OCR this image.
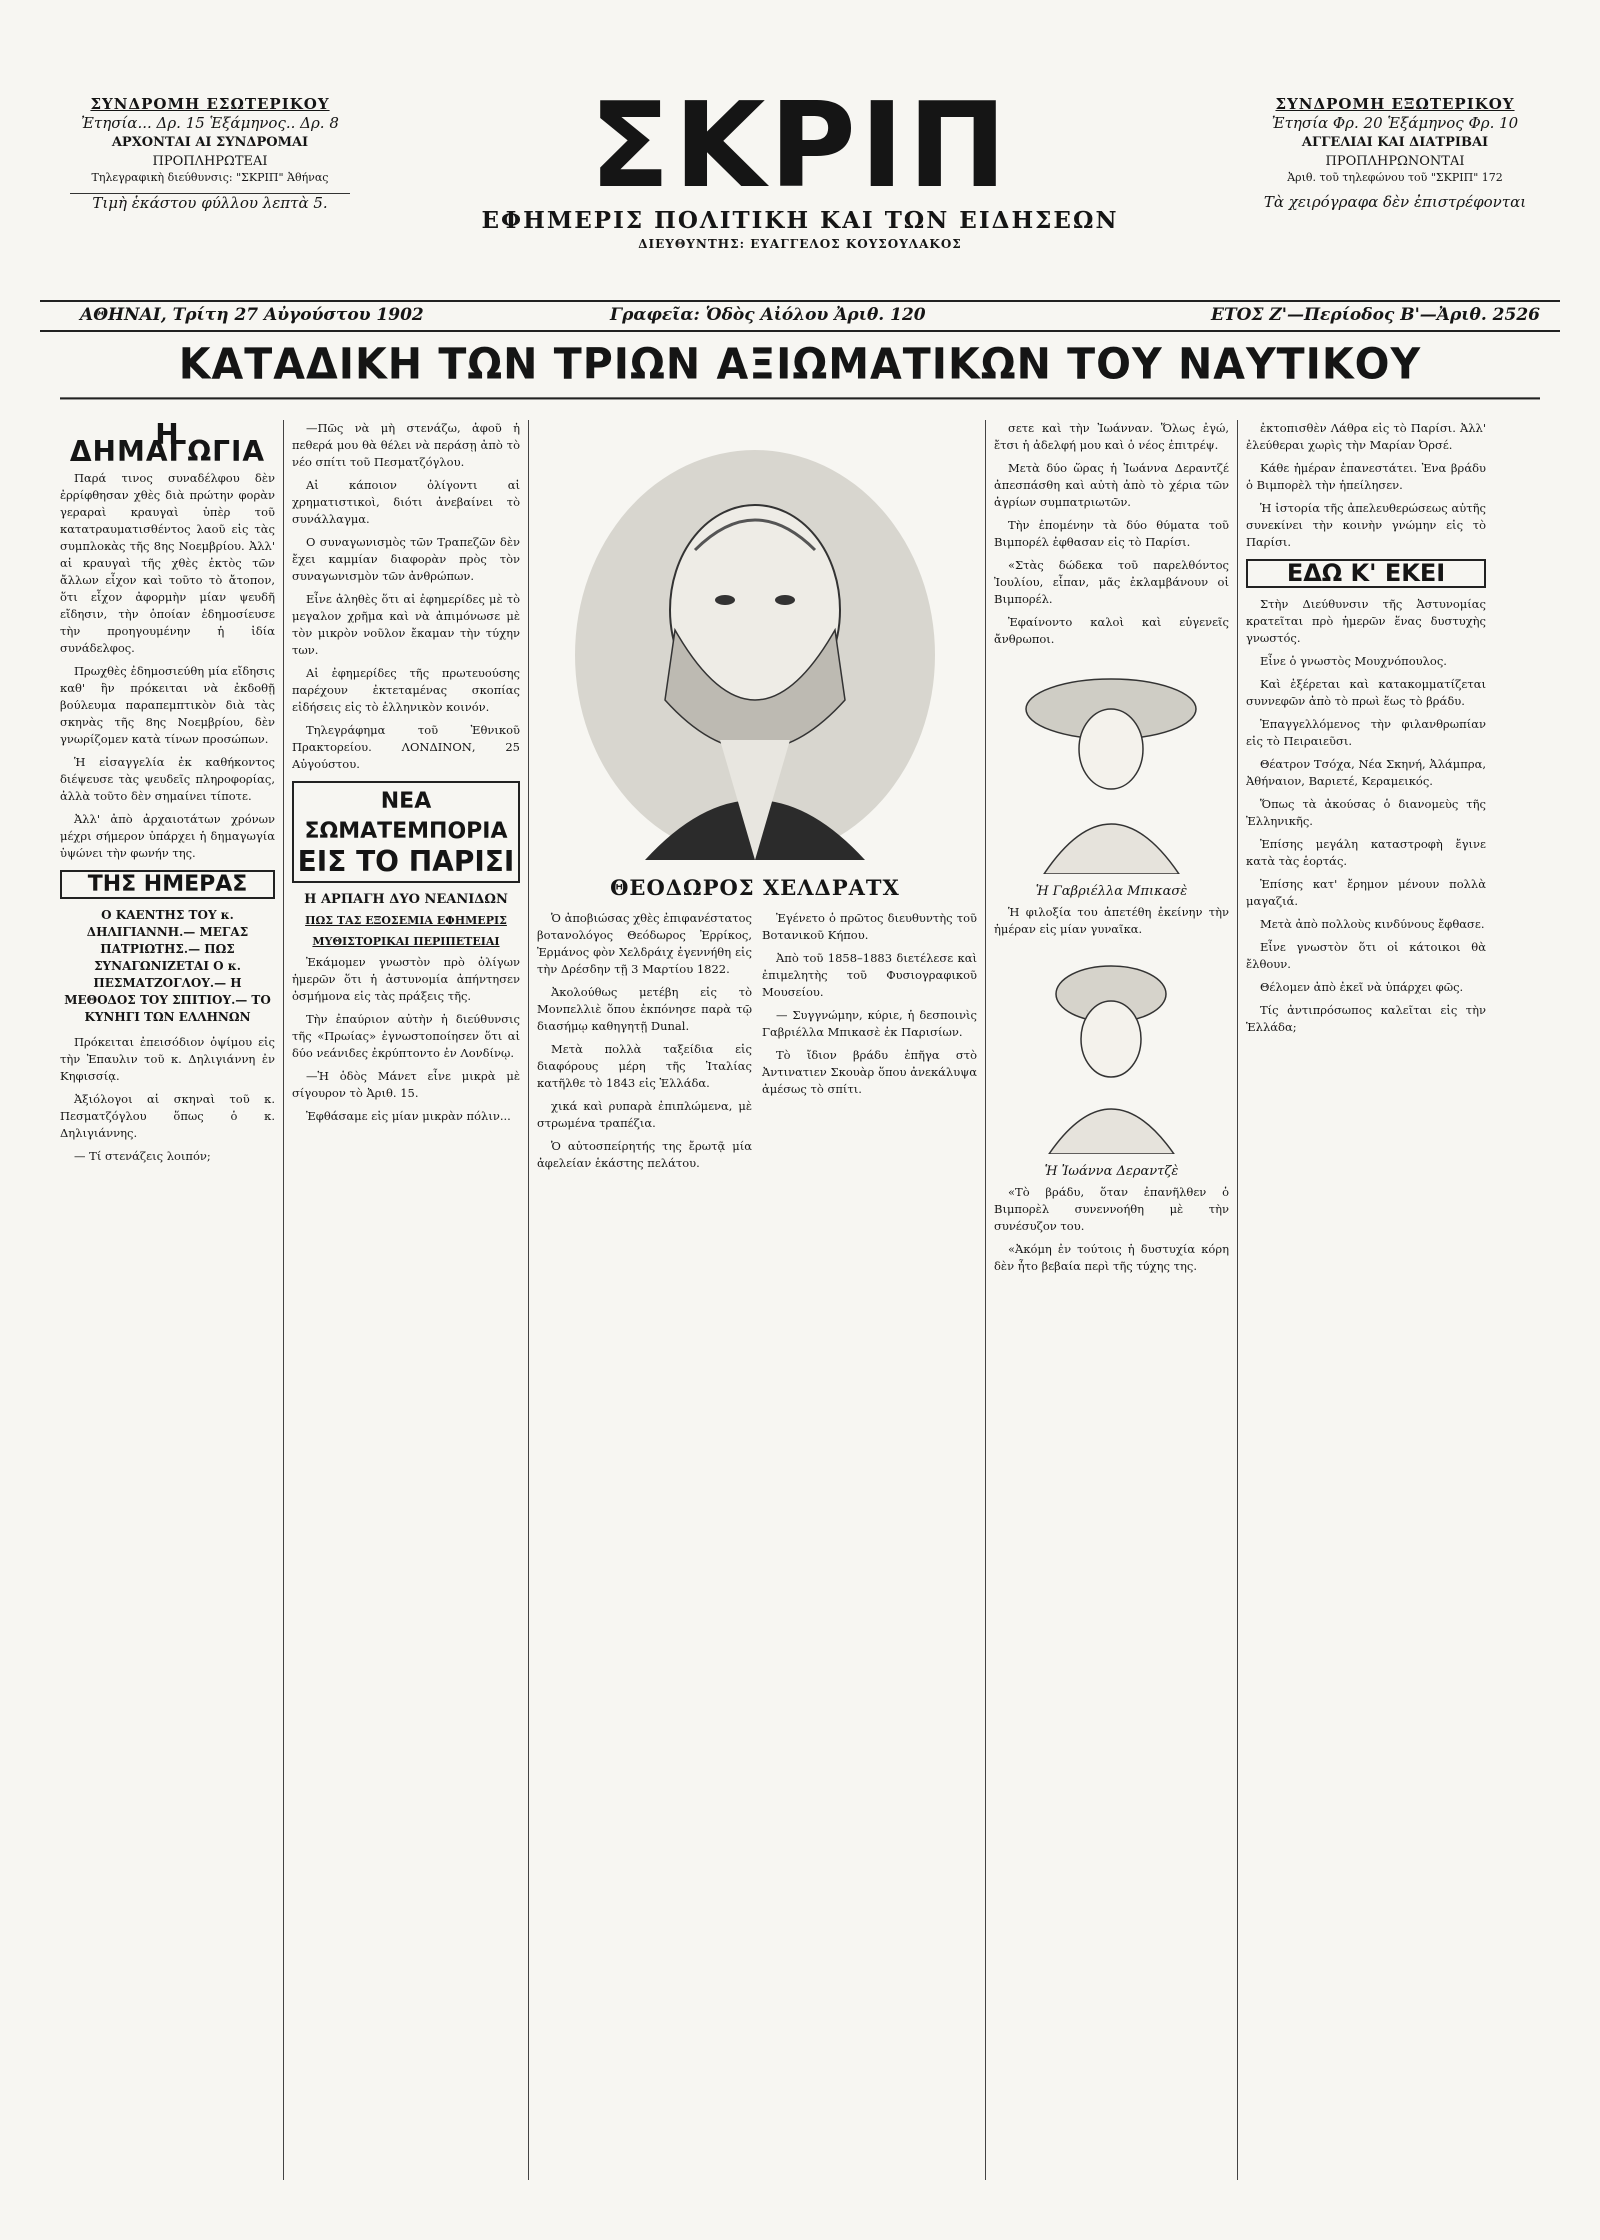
ΣΥΝΔΡΟΜΗ ΕΣΩΤΕΡΙΚΟΥ
Ἐτησία... Δρ. 15 Ἑξάμηνος.. Δρ. 8
ΑΡΧΟΝΤΑΙ ΑΙ ΣΥΝΔΡΟΜΑΙ
ΠΡΟΠΛΗΡΩΤΕΑΙ
Τηλεγραφικὴ διεύθυνσις: "ΣΚΡΙΠ" Ἀθήνας
Τιμὴ ἑκάστου φύλλου λεπτὰ 5. ΣΚΡΙΠ
ΕΦΗΜΕΡΙΣ ΠΟΛΙΤΙΚΗ ΚΑΙ ΤΩΝ ΕΙΔΗΣΕΩΝ
ΔΙΕΥΘΥΝΤΗΣ: ΕΥΑΓΓΕΛΟΣ ΚΟΥΣΟΥΛΑΚΟΣ
ΣΥΝΔΡΟΜΗ ΕΞΩΤΕΡΙΚΟΥ
Ἐτησία Φρ. 20 Ἑξάμηνος Φρ. 10
ΑΓΓΕΛΙΑΙ ΚΑΙ ΔΙΑΤΡΙΒΑΙ
ΠΡΟΠΛΗΡΩΝΟΝΤΑΙ
Ἀριθ. τοῦ τηλεφώνου τοῦ "ΣΚΡΙΠ" 172
Τὰ χειρόγραφα δὲν ἐπιστρέφονται
ΑΘΗΝΑΙ, Τρίτη 27 Αὐγούστου 1902	Γραφεῖα: Ὁδὸς Αἰόλου Ἀριθ. 120	ΕΤΟΣ Ζ'—Περίοδος Β'—Ἀριθ. 2526
ΚΑΤΑΔΙΚΗ ΤΩΝ ΤΡΙΩΝ ΑΞΙΩΜΑΤΙΚΩΝ ΤΟΥ ΝΑΥΤΙΚΟΥ
Η ΔΗΜΑΓΩΓΙΑ

Παρά τινος συναδέλφου δὲν ἐρρίφθησαν χθὲς διὰ πρώτην φορὰν γεραραὶ κραυγαὶ ὑπὲρ τοῦ κατατραυματισθέντος λαοῦ εἰς τὰς συμπλοκὰς τῆς 8ης Νοεμβρίου. Ἀλλ' αἱ κραυγαὶ τῆς χθὲς ἐκτὸς τῶν ἄλλων εἶχον καὶ τοῦτο τὸ ἄτοπον, ὅτι εἶχον ἀφορμὴν μίαν ψευδῆ εἴδησιν, τὴν ὁποίαν ἐδημοσίευσε τὴν προηγουμένην ἡ ἰδία συνάδελφος.

Πρωχθὲς ἐδημοσιεύθη μία εἴδησις καθ' ἣν πρόκειται νὰ ἐκδοθῇ βούλευμα παραπεμπτικὸν διὰ τὰς σκηνὰς τῆς 8ης Νοεμβρίου, δὲν γνωρίζομεν κατὰ τίνων προσώπων.

Ἡ εἰσαγγελία ἐκ καθήκοντος διέψευσε τὰς ψευδεῖς πληροφορίας, ἀλλὰ τοῦτο δὲν σημαίνει τίποτε.

Ἀλλ' ἀπὸ ἀρχαιοτάτων χρόνων μέχρι σήμερον ὑπάρχει ἡ δημαγωγία ὑψώνει τὴν φωνήν της.

ΤΗΣ ΗΜΕΡΑΣ
Ο ΚΑΕΝΤΗΣ ΤΟΥ κ. ΔΗΛΙΓΙΑΝΝΗ.— ΜΕΓΑΣ ΠΑΤΡΙΩΤΗΣ.— ΠΩΣ ΣΥΝΑΓΩΝΙΖΕΤΑΙ Ο κ. ΠΕΣΜΑΤΖΟΓΛΟΥ.— Η ΜΕΘΟΔΟΣ ΤΟΥ ΣΠΙΤΙΟΥ.— ΤΟ ΚΥΝΗΓΙ ΤΩΝ ΕΛΛΗΝΩΝ

Πρόκειται ἐπεισόδιον ὀψίμου εἰς τὴν Ἐπαυλιν τοῦ κ. Δηλιγιάννη ἐν Κηφισσίᾳ.

Ἀξιόλογοι αἱ σκηναὶ τοῦ κ. Πεσματζόγλου ὅπως ὁ κ. Δηλιγιάννης.

— Τί στενάζεις λοιπόν;

—Πῶς νὰ μὴ στενάζω, ἀφοῦ ἡ πεθερά μου θὰ θέλει νὰ περάσῃ ἀπὸ τὸ νέο σπίτι τοῦ Πεσματζόγλου.

Αἱ κάποιον ὀλίγοντι αἱ χρηματιστικοὶ, διότι ἀνεβαίνει τὸ συνάλλαγμα.

Ο συναγωνισμὸς τῶν Τραπεζῶν δὲν ἔχει καμμίαν διαφορὰν πρὸς τὸν συναγωνισμὸν τῶν ἀνθρώπων.

Εἶνε ἀληθὲς ὅτι αἱ ἐφημερίδες μὲ τὸ μεγαλον χρῆμα καὶ νὰ ἀπιμόνωσε μὲ τὸν μικρὸν νοῦλον ἔκαμαν τὴν τύχην των.

Αἱ ἐφημερίδες τῆς πρωτευούσης παρέχουν ἐκτεταμένας σκοπίας εἰδήσεις εἰς τὸ ἑλληνικὸν κοινόν.

Τηλεγράφημα τοῦ Ἐθνικοῦ Πρακτορείου. ΛΟΝΔΙΝΟΝ, 25 Αὐγούστου.

ΝΕΑ ΣΩΜΑΤΕΜΠΟΡΙΑ
ΕΙΣ ΤΟ ΠΑΡΙΣΙ
Η ΑΡΠΑΓΗ ΔΥΟ ΝΕΑΝΙΔΩΝ
ΠΩΣ ΤΑΣ ΕΞΟΣΕΜΙΑ ΕΦΗΜΕΡΙΣ
ΜΥΘΙΣΤΟΡΙΚΑΙ ΠΕΡΙΠΕΤΕΙΑΙ

Ἐκάμομεν γνωστὸν πρὸ ὀλίγων ἡμερῶν ὅτι ἡ ἀστυνομία ἀπήντησεν ὀσμήμονα εἰς τὰς πράξεις τῆς.

Τὴν ἐπαύριον αὐτὴν ἡ διεύθυνσις τῆς «Πρωίας» ἐγνωστοποίησεν ὅτι αἱ δύο νεάνιδες ἐκρύπτοντο ἐν Λονδίνῳ.

—Ἡ ὁδὸς Μάνετ εἶνε μικρὰ μὲ σίγουρον τὸ Ἀριθ. 15.

Ἐφθάσαμε εἰς μίαν μικρὰν πόλιν...

ΘΕΟΔΩΡΟΣ ΧΕΛΔΡΑΤΧ

Ὁ ἀποβιώσας χθὲς ἐπιφανέστατος βοτανολόγος Θεόδωρος Ἐρρίκος, Ἐρμάνος φὸν Χελδράιχ ἐγεννήθη εἰς τὴν Δρέσδην τῇ 3 Μαρτίου 1822.

Ἀκολούθως μετέβη εἰς τὸ Μονπελλιὲ ὅπου ἐκπόνησε παρὰ τῷ διασήμῳ καθηγητῇ Dunal.

Μετὰ πολλὰ ταξείδια εἰς διαφόρους μέρη τῆς Ἰταλίας κατῆλθε τὸ 1843 εἰς Ἑλλάδα.

χικά καὶ ρυπαρὰ ἐπιπλώμενα, μὲ στρωμένα τραπέζια.

Ὁ αὐτοσπείρητής της ἔρωτᾷ μία ἀφελείαν ἑκάστης πελάτου.

Ἐγένετο ὁ πρῶτος διευθυντὴς τοῦ Βοτανικοῦ Κήπου.

Ἀπὸ τοῦ 1858–1883 διετέλεσε καὶ ἐπιμελητὴς τοῦ Φυσιογραφικοῦ Μουσείου.

— Συγγνώμην, κύριε, ἡ δεσποινὶς Γαβριέλλα Μπικασὲ ἐκ Παρισίων.

Τὸ ἴδιον βράδυ ἐπῆγα στὸ Ἀντινατιεν Σκουὰρ ὅπου ἀνεκάλυψα ἀμέσως τὸ σπίτι.

σετε καὶ τὴν Ἰωάνναν. Ὅλως ἐγώ, ἔτσι ἡ ἀδελφή μου καὶ ὁ νέος ἐπιτρέψ.

Μετὰ δύο ὥρας ἡ Ἰωάννα Δεραντζέ ἀπεσπάσθη καὶ αὐτὴ ἀπὸ τὸ χέρια τῶν ἀγρίων συμπατριωτῶν.

Τὴν ἐπομένην τὰ δύο θύματα τοῦ Βιμπορέλ ἐφθασαν εἰς τὸ Παρίσι.

«Στὰς δώδεκα τοῦ παρελθόντος Ἰουλίου, εἶπαν, μᾶς ἐκλαμβάνουν οἱ Βιμπορέλ.

Ἐφαίνοντο καλοὶ καὶ εὐγενεῖς ἄνθρωποι.

Ἡ Γαβριέλλα Μπικασὲ

Ἡ φιλοξία του ἀπετέθη ἐκείνην τὴν ἡμέραν εἰς μίαν γυναῖκα.

Ἡ Ἰωάννα Δεραντζὲ

«Τὸ βράδυ, ὅταν ἐπανῆλθεν ὁ Βιμπορὲλ συνεννοήθη μὲ τὴν συνέσυζον του.

«Ἀκόμη ἐν τούτοις ἡ δυστυχία κόρη δὲν ἦτο βεβαία περὶ τῆς τύχης της.

ἐκτοπισθὲν Λάθρα εἰς τὸ Παρίσι. Ἀλλ' ἐλεύθεραι χωρὶς τὴν Μαρίαν Ὀρσέ.

Κάθε ἡμέραν ἐπανεστάτει. Ἐνα βράδυ ὁ Βιμπορὲλ τὴν ἠπείλησεν.

Ἡ ἱστορία τῆς ἀπελευθερώσεως αὐτῆς συνεκίνει τὴν κοινὴν γνώμην εἰς τὸ Παρίσι.

ΕΔΩ Κ' ΕΚΕΙ

Στὴν Διεύθυνσιν τῆς Ἀστυνομίας κρατεῖται πρὸ ἡμερῶν ἕνας δυστυχὴς γνωστός.

Εἶνε ὁ γνωστὸς Μουχνόπουλος.

Καὶ ἐξέρεται καὶ κατακομματίζεται συννεφῶν ἀπὸ τὸ πρωὶ ἕως τὸ βράδυ.

Ἐπαγγελλόμενος τὴν φιλανθρωπίαν εἰς τὸ Πειραιεῦσι.

Θέατρον Τσόχα, Νέα Σκηνή, Ἀλάμπρα, Ἀθήναιον, Βαριετέ, Κεραμεικός.

Ὅπως τὰ ἀκούσας ὁ διανομεὺς τῆς Ἐλληνικῆς.

Ἐπίσης μεγάλη καταστροφὴ ἔγινε κατὰ τὰς ἑορτάς.

Ἐπίσης κατ' ἔρημον μένουν πολλὰ μαγαζιά.

Μετὰ ἀπὸ πολλοὺς κινδύνους ἔφθασε.

Εἶνε γνωστὸν ὅτι οἱ κάτοικοι θὰ ἔλθουν.

Θέλομεν ἀπὸ ἐκεῖ νὰ ὑπάρχει φῶς.

Τίς ἀντιπρόσωπος καλεῖται εἰς τὴν Ἑλλάδα;
